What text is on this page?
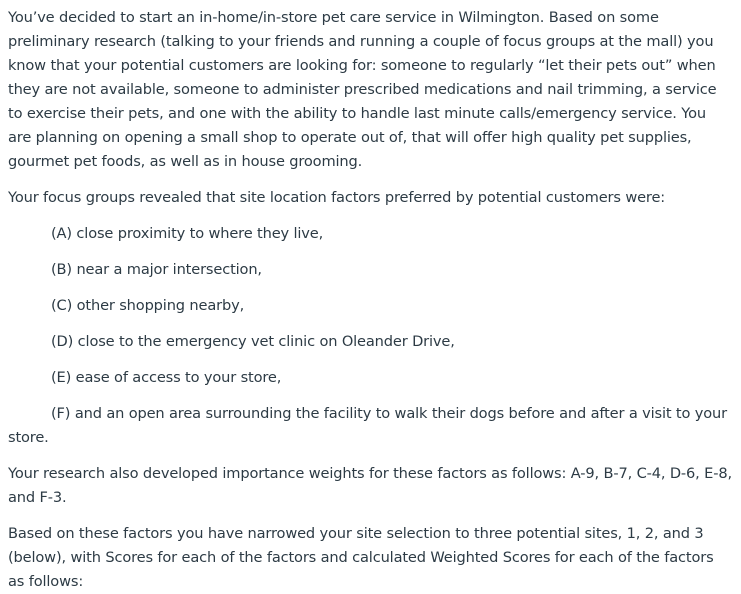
You’ve decided to start an in-home/in-store pet care service in Wilmington. Based on some preliminary research (talking to your friends and running a couple of focus groups at the mall) you know that your potential customers are looking for: someone to regularly “let their pets out” when they are not available, someone to administer prescribed medications and nail trimming, a service to exercise their pets, and one with the ability to handle last minute calls/emergency service. You are planning on opening a small shop to operate out of, that will offer high quality pet supplies, gourmet pet foods, as well as in house grooming.

Your focus groups revealed that site location factors preferred by potential customers were:

(A) close proximity to where they live,

(B) near a major intersection,

(C) other shopping nearby,

(D) close to the emergency vet clinic on Oleander Drive,

(E) ease of access to your store,

(F) and an open area surrounding the facility to walk their dogs before and after a visit to your store.

Your research also developed importance weights for these factors as follows: A-9, B-7, C-4, D-6, E-8, and F-3.

Based on these factors you have narrowed your site selection to three potential sites, 1, 2, and 3 (below), with Scores for each of the factors and calculated Weighted Scores for each of the factors as follows:
